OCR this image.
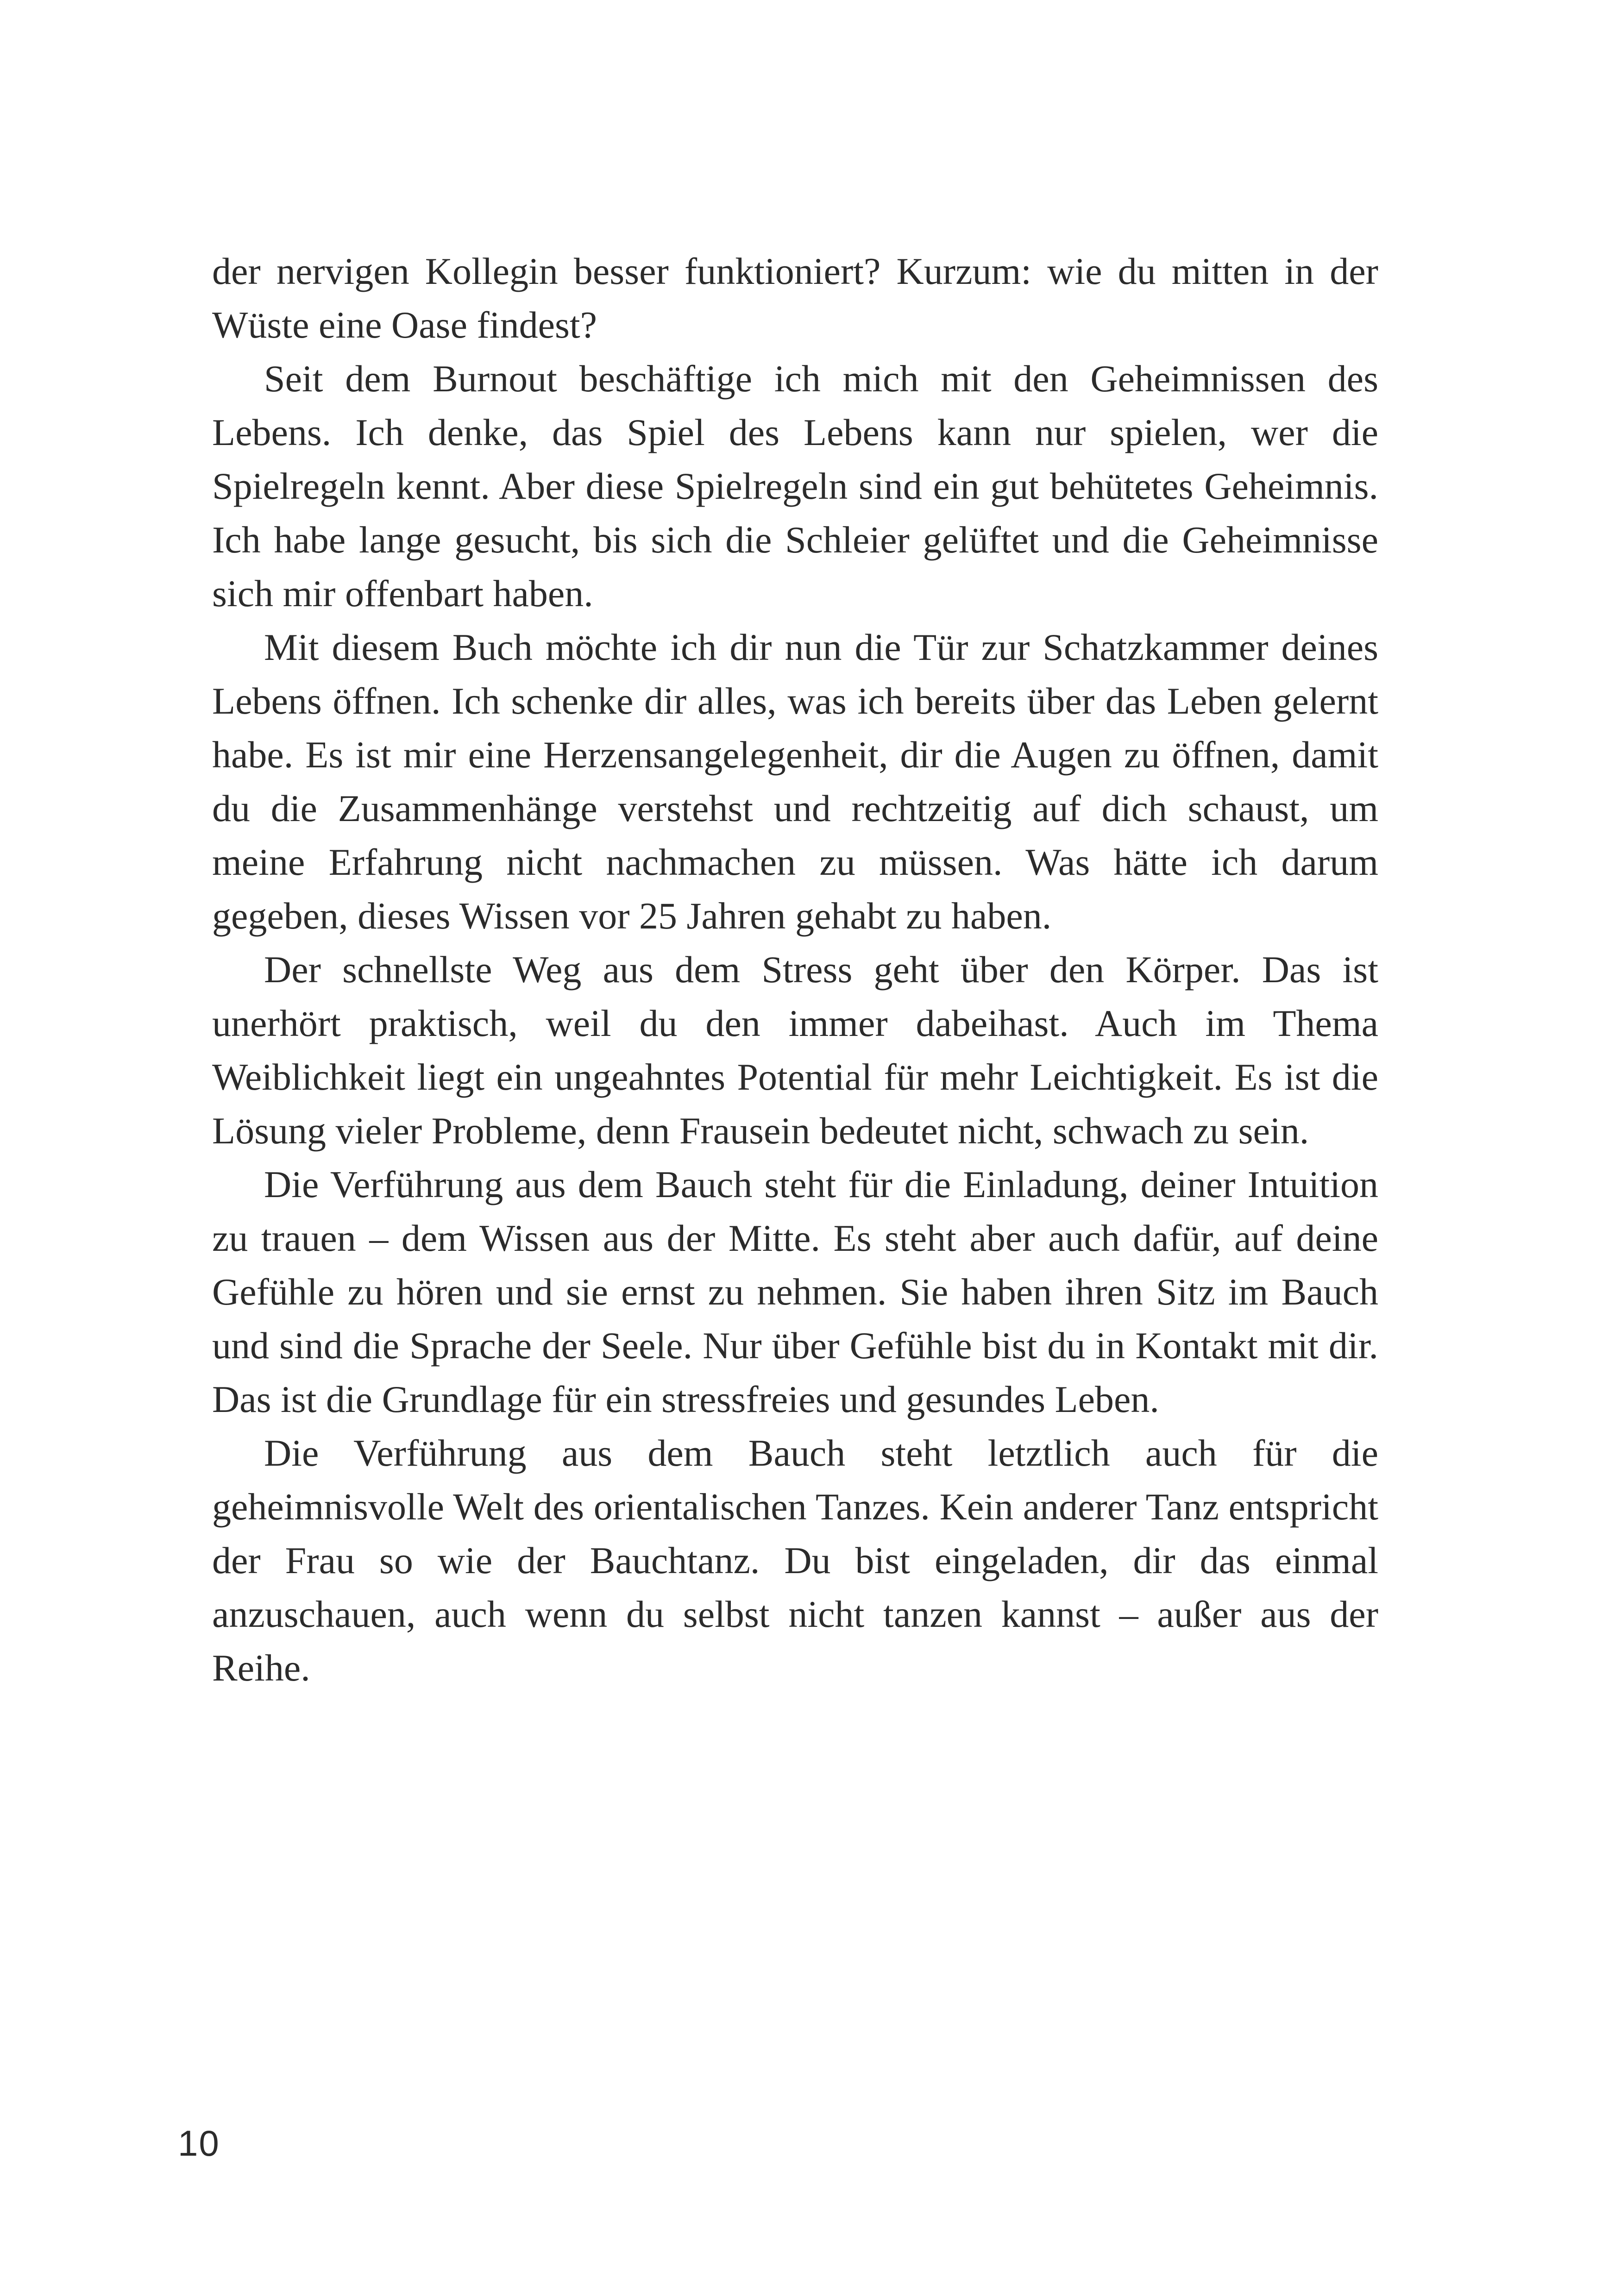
der nervigen Kollegin besser funktioniert? Kurzum: wie du mitten in der Wüste eine Oase findest?

Seit dem Burnout beschäftige ich mich mit den Geheimnissen des Lebens. Ich denke, das Spiel des Lebens kann nur spielen, wer die Spielregeln kennt. Aber diese Spielregeln sind ein gut behütetes Geheimnis. Ich habe lange gesucht, bis sich die Schleier gelüftet und die Geheimnisse sich mir offenbart haben.

Mit diesem Buch möchte ich dir nun die Tür zur Schatzkammer deines Lebens öffnen. Ich schenke dir alles, was ich bereits über das Leben gelernt habe. Es ist mir eine Herzensangelegenheit, dir die Augen zu öffnen, damit du die Zusammenhänge verstehst und rechtzeitig auf dich schaust, um meine Erfahrung nicht nachmachen zu müssen. Was hätte ich darum gegeben, dieses Wissen vor 25 Jahren gehabt zu haben.

Der schnellste Weg aus dem Stress geht über den Körper. Das ist unerhört praktisch, weil du den immer dabeihast. Auch im Thema Weiblichkeit liegt ein ungeahntes Potential für mehr Leichtigkeit. Es ist die Lösung vieler Probleme, denn Frausein bedeutet nicht, schwach zu sein.

Die Verführung aus dem Bauch steht für die Einladung, deiner Intuition zu trauen – dem Wissen aus der Mitte. Es steht aber auch dafür, auf deine Gefühle zu hören und sie ernst zu nehmen. Sie haben ihren Sitz im Bauch und sind die Sprache der Seele. Nur über Gefühle bist du in Kontakt mit dir. Das ist die Grundlage für ein stressfreies und gesundes Leben.

Die Verführung aus dem Bauch steht letztlich auch für die geheimnisvolle Welt des orientalischen Tanzes. Kein anderer Tanz entspricht der Frau so wie der Bauchtanz. Du bist eingeladen, dir das einmal anzuschauen, auch wenn du selbst nicht tanzen kannst – außer aus der Reihe.

10
